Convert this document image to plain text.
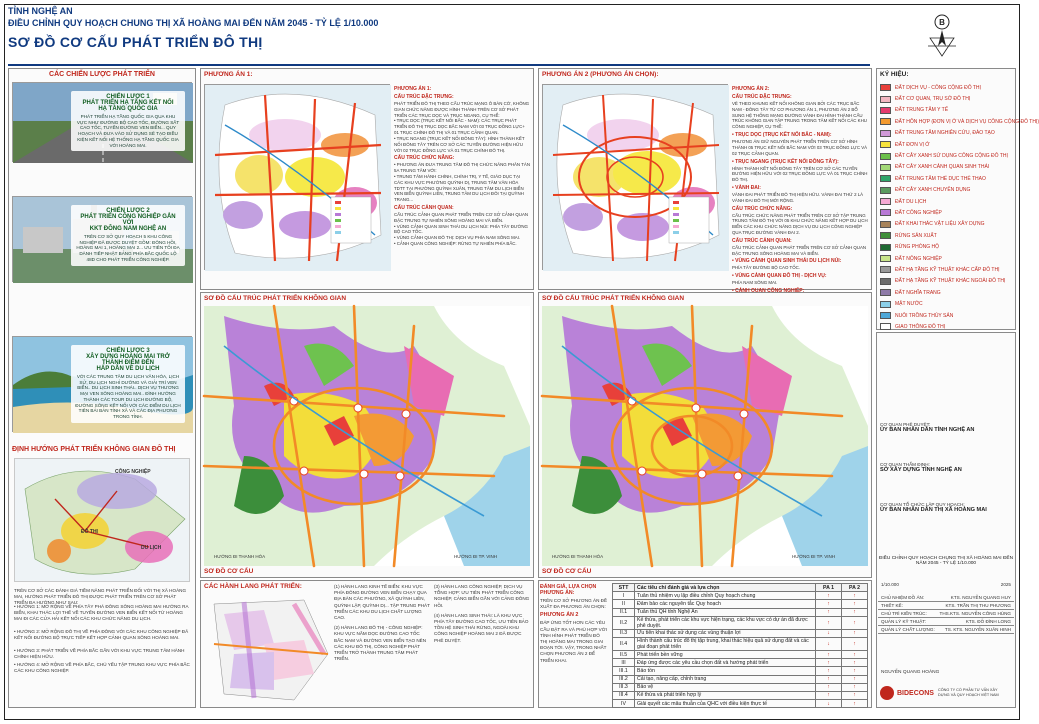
TỈNH NGHỆ AN
ĐIỀU CHỈNH QUY HOẠCH CHUNG THỊ XÃ HOÀNG MAI ĐẾN NĂM 2045 - TỶ LỆ 1/10.000
SƠ ĐỒ CƠ CẤU PHÁT TRIỂN ĐÔ THỊ
B
CÁC CHIẾN LƯỢC PHÁT TRIỂN
CHIẾN LƯỢC 1
PHÁT TRIỂN HẠ TẦNG KẾT NỐI
HẠ TẦNG QUỐC GIA
PHÁT TRIỂN HẠ TẦNG QUỐC GIA QUA KHU VỰC NHƯ ĐƯỜNG BỘ CAO TỐC, ĐƯỜNG SẮT CAO TỐC, TUYẾN ĐƯỜNG VEN BIỂN... QUY HOẠCH VÀ ĐƯA VÀO SỬ DỤNG SẼ TẠO ĐIỀU KIỆN KẾT NỐI HỆ THỐNG HẠ TẦNG QUỐC GIA VỚI HOÀNG MAI.
CHIẾN LƯỢC 2
PHÁT TRIỂN CÔNG NGHIỆP GẮN VỚI
KKT ĐÔNG NAM NGHỆ AN
TRÊN CƠ SỞ QUY HOẠCH 5 KHU CÔNG NGHIỆP ĐÃ ĐƯỢC DUYỆT GỒM: ĐÔNG HỒI, HOÀNG MAI 1, HOÀNG MAI 2... ƯU TIÊN TỐI ĐA DÀNH TIẾP NHẬT BẢNG PHÍA BẮC QUỐC LỘ 48D CHO PHÁT TRIỂN CÔNG NGHIỆP.
CHIẾN LƯỢC 3
XÂY DỰNG HOÀNG MAI TRỞ THÀNH ĐIỂM ĐẾN
HẤP DẪN VỀ DU LỊCH
VỚI CÁC TRUNG TÂM DU LỊCH VĂN HÓA, LỊCH SỬ, DU LỊCH NGHỈ DƯỠNG VÀ GIẢI TRÍ VEN BIỂN.. DU LỊCH SINH THÁI.. DỊCH VỤ THƯƠNG MẠI VEN SÔNG HOÀNG MAI.. ĐÌNH HƯỚNG THÀNH CÁC TOUR DU LỊCH ĐƯỜNG BỘ, ĐƯỜNG SÔNG KẾT NỐI VỚI CÁC ĐIỂM DU LỊCH TIÊN BẢI BẢN TỈNH XÃ VÀ CÁC ĐỊA PHƯƠNG TRONG TỈNH.
ĐỊNH HƯỚNG PHÁT TRIỂN KHÔNG GIAN ĐÔ THỊ
CÔNG NGHIỆP
ĐÔ THỊ
DU LỊCH
TRÊN CƠ SỞ CÁC ĐÁNH GIÁ TIỀM NĂNG PHÁT TRIỂN ĐỐI VỚI THỊ XÃ HOÀNG MAI, HƯỚNG PHÁT TRIỂN ĐÔ THỊ ĐƯỢC PHÁT TRIỂN TRÊN CƠ SỞ PHÁT TRIỂN ĐA HƯỚNG NHƯ SAU:
• HƯỚNG 1: MỞ RỘNG VỀ PHÍA TÂY PHÁ ĐÔNG SÔNG HOÀNG MAI HƯỚNG RA BIỂN, KHAI THÁC LỢI THẾ VỀ TUYẾN ĐƯỜNG VEN BIỂN KẾT NỐI TỪ HOÀNG MAI ĐI CÁC CỬA HẢI KẾT NỐI CÁC KHU CHỨC NĂNG DU LỊCH.
• HƯỚNG 2: MỞ RỘNG ĐÔ THỊ VỀ PHÍA ĐÔNG VỚI CÁC KHU CÔNG NGHIỆP ĐÃ KẾT NỐI ĐƯỜNG BỘ TRỰC TIẾP KẾT HỢP CẢNH QUAN SÔNG HOÀNG MAI.
• HƯỚNG 3: PHÁT TRIỂN VỀ PHÍA BẮC GẮN VỚI KHU VỰC TRUNG TÂM HÀNH CHÍNH HIỆN HỮU.
• HƯỚNG 4: MỞ RỘNG VỀ PHÍA BẮC, CHÚ YẾU TẬP TRUNG KHU VỰC PHÍA BẮC CÁC KHU CÔNG NGHIỆP.
PHƯƠNG ÁN 1:
PHƯƠNG ÁN 1:
CẤU TRÚC ĐẶC TRƯNG:

PHÁT TRIỂN ĐÔ THỊ THEO CẤU TRÚC MẠNG Ô BÀN CỜ, KHÔNG GIAN CHỨC NĂNG ĐƯỢC HÌNH THÀNH TRÊN CƠ SỞ PHÁT TRIỂN CÁC TRỤC DỌC VÀ TRỤC NGANG, CỤ THỂ:

• TRỤC DỌC (TRỤC KẾT NỐI BẮC - NAM): CÁC TRỤC PHÁT TRIỂN ĐÔ THỊ TRỤC DỌC BẮC NAM VỚI 03 TRỤC ĐỒNG LỰC+ 01 TRỤC CHÍNH ĐÔ THỊ VÀ 01 TRỤC CẢNH QUAN.

• TRỤC NGANG (TRỤC KẾT NỐI ĐÔNG TÂY): HÌNH THÀNH KẾT NỐI ĐÔNG TÂY TRÊN CƠ SỞ CÁC TUYẾN ĐƯỜNG HIỆN HỮU VỚI 02 TRỤC ĐỒNG LỰC VÀ 01 TRỤC CHÍNH ĐÔ THỊ.

CẤU TRÚC CHỨC NĂNG:

• PHƯƠNG ÁN ĐƯA TRUNG TÂM ĐÔ THỊ CHỨC NĂNG PHÂN TÁN 5A TRUNG TÂM VỚI:

• TRUNG TÂM HÀNH CHÍNH, CHÍNH TRỊ, Y TẾ, GIÁO DỤC TẠI CÁC KHU VỰC PHƯỜNG QUỲNH DỊ, TRUNG TÂM VĂN HÓA TDTT TẠI PHƯỜNG QUỲNH XUÂN, TRUNG TÂM DU LỊCH BIỂN VEN BIỂN QUỲNH LIÊN, TRUNG TÂM DU LỊCH ĐÔI TẠI QUỲNH TRANG...

CẤU TRÚC CẢNH QUAN:

CẤU TRÚC CẢNH QUAN PHÁT TRIỂN TRÊN CƠ SỞ CẢNH QUAN ĐẶC TRƯNG TỰ NHIÊN SÔNG HOÀNG MAI VÀ BIỂN.

• VÙNG CẢNH QUAN SINH THÁI DU LỊCH NÚI: PHÍA TÂY ĐƯỜNG BỘ CAO TỐC.

• VÙNG CẢNH QUAN ĐÔ THỊ: DỊCH VỤ PHÍA NAM SÔNG MAI.

• CẢNH QUAN CÔNG NGHIỆP: RỪNG TỰ NHIÊN PHÍA BẮC.

PHƯƠNG ÁN 2 (PHƯƠNG ÁN CHỌN):
PHƯƠNG ÁN 2:
CẤU TRÚC ĐẶC TRƯNG:

VẼ THEO KHUNG KẾT NỐI KHÔNG GIAN BỞI CÁC TRỤC BẮC NAM - ĐÔNG TÂY TỪ CƠ PHƯƠNG ÁN 1, PHƯƠNG ÁN 2 BỔ SUNG HỆ THỐNG MẠNG ĐƯỜNG VÀNH ĐAI HÌNH THÀNH CẤU TRÚC KHÔNG GIAN TẬP TRUNG TRONG TÂM KẾT NỐI CÁC KHU CÔNG NGHIỆP, CỤ THỂ:

• TRỤC DỌC (TRỤC KẾT NỐI BẮC - NAM):

PHƯƠNG ÁN GIỮ NGUYÊN PHÁT TRIỂN TRÊN CƠ SỞ HÌNH THÀNH 05 TRỤC KẾT NỐI BẮC NAM VỚI 03 TRỤC ĐỒNG LỰC VÀ 02 TRỤC CẢNH QUAN.

• TRỤC NGANG (TRỤC KẾT NỐI ĐÔNG TÂY):

HÌNH THÀNH KẾT NỐI ĐÔNG TÂY TRÊN CƠ SỞ CÁC TUYẾN ĐƯỜNG HIỆN HỮU VỚI 02 TRỤC ĐỒNG LỰC VÀ 01 TRỤC CHÍNH ĐÔ THỊ.

• VÀNH ĐAI:

VÀNH ĐAI PHÁT TRIỂN ĐÔ THỊ HIỆN HỮU. VÀNH ĐAI THỨ 2 LÀ VÀNH ĐAI ĐÔ THỊ MỚI RỘNG.

CẤU TRÚC CHỨC NĂNG:

CẤU TRÚC CHỨC NĂNG PHÁT TRIỂN TRÊN CƠ SỞ TẬP TRUNG TRUNG TÂM ĐÔ THỊ VỚI 05 KHU CHỨC NĂNG KẾT HỢP DU LỊCH BIỂN CÁC KHU CHỨC NĂNG DỊCH VỤ DU LỊCH CÔNG NGHIỆP QUA TRỤC ĐƯỜNG VÀNH ĐAI 2.

CẤU TRÚC CẢNH QUAN:

CẤU TRÚC CẢNH QUAN PHÁT TRIỂN TRÊN CƠ SỞ CẢNH QUAN ĐẶC TRƯNG SÔNG HOÀNG MAI VÀ BIỂN.

• VÙNG CẢNH QUAN SINH THÁI DU LỊCH NÚI:

PHÍA TÂY ĐƯỜNG BỘ CAO TỐC.

• VÙNG CẢNH QUAN ĐÔ THỊ - DỊCH VỤ:

PHÍA NAM SÔNG MAI.

SƠ ĐỒ CẤU TRÚC PHÁT TRIỂN KHÔNG GIAN
SƠ ĐỒ CƠ CẤU
SƠ ĐỒ CẤU TRÚC PHÁT TRIỂN KHÔNG GIAN
SƠ ĐỒ CƠ CẤU
HƯỚNG ĐI THANH HÓA	HƯỚNG ĐI TP. VINH	HƯỚNG ĐI THANH HÓA	HƯỚNG ĐI TP. VINH
CÁC HÀNH LANG PHÁT TRIỂN:	(1) HÀNH LANG KINH TẾ BIỂN: KHU VỰC PHÍA ĐÔNG ĐƯỜNG VEN BIỂN CHẠY QUA ĐỊA BÀN CÁC PHƯỜNG, XÃ QUỲNH LIÊN, QUỲNH LẬP, QUỲNH DỊ... TẬP TRUNG PHÁT TRIỂN CÁC KHU DU LỊCH CHẤT LƯỢNG CAO.

(2) HÀNH LANG ĐÔ THỊ - CÔNG NGHIỆP: KHU VỰC NẰM DỌC ĐƯỜNG CAO TỐC BẮC NAM VÀ ĐƯỜNG VEN BIỂN TẠO NÊN CÁC KHU ĐÔ THỊ, CÔNG NGHIỆP PHÁT TRIỂN TRỞ THÀNH TRUNG TÂM PHÁT TRIỂN.

(3) HÀNH LANG CÔNG NGHIỆP, DỊCH VỤ TỔNG HỢP: ƯU TIÊN PHÁT TRIỂN CÔNG NGHIỆP, CẢNG BIỂN GẮN VỚI CẢNG ĐÔNG HỒI.

(4) HÀNH LANG SINH THÁI: LÀ KHU VỰC PHÍA TÂY ĐƯỜNG CAO TỐC, ƯU TIÊN BẢO TỒN HỆ SINH THÁI RỪNG, NGOÀI KHU CÔNG NGHIỆP HOÀNG MAI 2 ĐÃ ĐƯỢC PHÊ DUYỆT.

ĐÁNH GIÁ, LỰA CHỌN PHƯƠNG ÁN:
TRÊN CƠ SỞ PHƯƠNG ÁN ĐỀ XUẤT ĐA PHƯƠNG ÁN CHỌN:
PHƯƠNG ÁN 2
ĐÁP ỨNG TỐT HƠN CÁC YÊU CẦU ĐẶT RA VÀ PHÙ HỢP VỚI TÌNH HÌNH PHÁT TRIỂN ĐÔ THỊ HOÀNG MAI TRONG GIAI ĐOẠN TỚI. VẬY, TRONG NHẤT CHỌN PHƯƠNG ÁN 2 ĐỂ TRIỂN KHAI.
STT	Các tiêu chí đánh giá và lựa chọn	PA 1	PA 2
I	Tuân thủ nhiệm vụ lập điều chỉnh Quy hoạch chung	↑	↑
II	Đảm bảo các nguyên tắc Quy hoạch	↑	↑
II.1	Tuân thủ QH tỉnh Nghệ An	↑	↑
II.2	Kế thừa, phát triển các khu vực hiện trạng, các khu vực có dự án đã được phê duyệt.	↑	↑
II.3	Ưu tiên khai thác sử dụng các vùng thuận lợi	↓	↑
II.4	Hình thành cấu trúc đô thị tập trung, khai thác hiệu quả sử dụng đất và các giai đoạn phát triển	↓	↑
II.5	Phát triển bền vững	↑	↑
III	Đáp ứng được các yêu cầu chọn đất và hướng phát triển	↑	↑
III.1	Bảo tồn	↑	↑
III.2	Cải tạo, nâng cấp, chỉnh trang	↑	↑
III.3	Bảo vệ	↑	↑
III.4	Kế thừa và phát triển hợp lý	↑	↑
IV	Giải quyết các mâu thuẫn của QHC với điều kiện thực tế	↓	↑
KÝ HIỆU:
ĐẤT DỊCH VỤ - CÔNG CỘNG ĐÔ THỊ
ĐẤT CƠ QUAN, TRỤ SỞ ĐÔ THỊ
ĐẤT TRUNG TÂM Y TẾ
ĐẤT HỖN HỢP (ĐƠN VỊ Ở VÀ DỊCH VỤ CÔNG CỘNG ĐÔ THỊ)
ĐẤT TRUNG TÂM NGHIÊN CỨU, ĐÀO TẠO
ĐẤT ĐƠN VỊ Ở
ĐẤT CÂY XANH SỬ DỤNG CÔNG CỘNG ĐÔ THỊ
ĐẤT CÂY XANH CẢNH QUAN SINH THÁI
ĐẤT TRUNG TÂM THỂ DỤC THỂ THAO
ĐẤT CÂY XANH CHUYÊN DỤNG
ĐẤT DU LỊCH
ĐẤT CÔNG NGHIỆP
ĐẤT KHAI THÁC VẬT LIỆU XÂY DỰNG
RỪNG SẢN XUẤT
RỪNG PHÒNG HỘ
ĐẤT NÔNG NGHIỆP
ĐẤT HẠ TẦNG KỸ THUẬT KHÁC CẤP ĐÔ THỊ
ĐẤT HẠ TẦNG KỸ THUẬT KHÁC NGOÀI ĐÔ THỊ
ĐẤT NGHĨA TRANG
MẶT NƯỚC
NUÔI TRỒNG THỦY SẢN
GIAO THÔNG ĐÔ THỊ
CƠ QUAN PHÊ DUYỆT:
ỦY BAN NHÂN DÂN TỈNH NGHỆ AN
CƠ QUAN THẨM ĐỊNH:
SỞ XÂY DỰNG TỈNH NGHỆ AN
CƠ QUAN TỔ CHỨC LẬP QUY HOẠCH:
ỦY BAN NHÂN DÂN THỊ XÃ HOÀNG MAI
ĐIỀU CHỈNH QUY HOẠCH CHUNG THỊ XÃ HOÀNG MAI ĐẾN NĂM 2045 - TỶ LỆ 1/10.000
1/10.000	2025
CHỦ NHIỆM ĐỒ ÁN:	KTS. NGUYỄN QUANG HUY
THIẾT KẾ:	KTS. TRẦN THỊ THU PHƯƠNG
CHỦ TRÌ KIẾN TRÚC:	THS.KTS. NGUYỄN CÔNG HÙNG
QUẢN LÝ KỸ THUẬT:	KTS. ĐỖ ĐÌNH LONG
QUẢN LÝ CHẤT LƯỢNG: TS. KTS. NGUYỄN XUÂN HINH
NGUYỄN QUANG HOÀNG
BIDECONS CÔNG TY CỔ PHẦN TƯ VẤN XÂY DỰNG VÀ QUY HOẠCH VIỆT NAM
